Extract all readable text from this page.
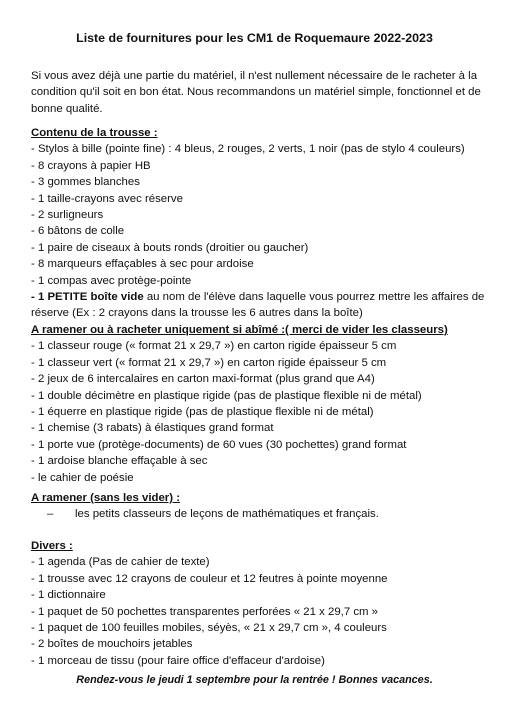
Liste de fournitures pour les CM1 de Roquemaure 2022-2023
Si vous avez déjà une partie du matériel, il n'est nullement nécessaire de le racheter à la condition qu'il soit en bon état. Nous recommandons un matériel simple, fonctionnel et de bonne qualité.
Contenu de la trousse :
- Stylos à bille (pointe fine) : 4 bleus, 2 rouges, 2 verts, 1 noir (pas de stylo 4 couleurs)
- 8 crayons à papier HB
- 3 gommes blanches
- 1 taille-crayons avec réserve
- 2 surligneurs
- 6 bâtons de colle
- 1 paire de ciseaux à bouts ronds (droitier ou gaucher)
- 8 marqueurs effaçables à sec pour ardoise
- 1 compas avec protège-pointe
- 1 PETITE boîte vide au nom de l'élève dans laquelle vous pourrez mettre les affaires de réserve (Ex : 2 crayons dans la trousse les 6 autres dans la boîte)
A ramener ou à racheter uniquement si abîmé :( merci de vider les classeurs)
- 1 classeur rouge (« format 21 x 29,7 ») en carton rigide épaisseur 5 cm
- 1 classeur vert (« format 21 x 29,7 ») en carton rigide épaisseur 5 cm
- 2 jeux de 6 intercalaires en carton maxi-format (plus grand que A4)
- 1 double décimètre en plastique rigide (pas de plastique flexible ni de métal)
- 1 équerre en plastique rigide (pas de plastique flexible ni de métal)
- 1 chemise (3 rabats) à élastiques grand format
- 1 porte vue (protège-documents) de 60 vues (30 pochettes) grand format
- 1 ardoise blanche effaçable à sec
- le cahier de poésie
A ramener (sans les vider) :
– les petits classeurs de leçons de mathématiques et français.
Divers :
- 1 agenda (Pas de cahier de texte)
- 1 trousse avec 12 crayons de couleur et 12 feutres à pointe moyenne
- 1 dictionnaire
- 1 paquet de 50 pochettes transparentes perforées « 21 x 29,7 cm »
- 1 paquet de 100 feuilles mobiles, séyès, « 21 x 29,7 cm », 4 couleurs
- 2 boîtes de mouchoirs jetables
- 1 morceau de tissu (pour faire office d'effaceur d'ardoise)
Rendez-vous le jeudi 1 septembre pour la rentrée ! Bonnes vacances.
